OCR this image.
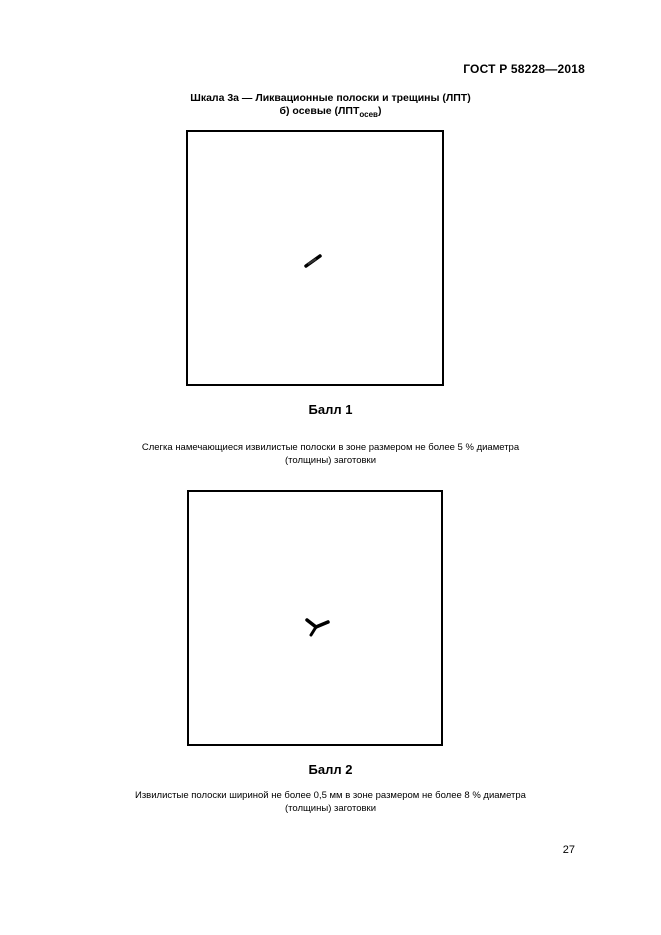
ГОСТ Р 58228—2018
Шкала 3а — Ликвационные полоски и трещины (ЛПТ)
б) осевые $(ЛПТ_{осев})$
Балл 1
Слегка намечающиеся извилистые полоски в зоне размером не более 5 % диаметра
(толщины) заготовки
Балл 2
Извилистые полоски шириной не более 0,5 мм в зоне размером не более 8 % диаметра
(толщины) заготовки
27
